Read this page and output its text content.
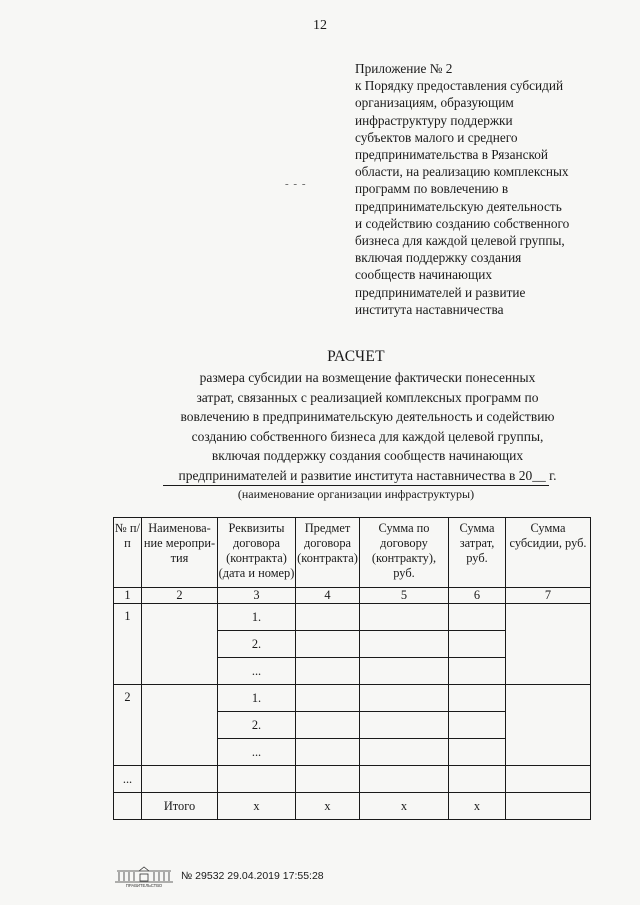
12
Приложение № 2
к Порядку предоставления субсидий
организациям, образующим
инфраструктуру поддержки
субъектов малого и среднего
предпринимательства в Рязанской
области, на реализацию комплексных
программ по вовлечению в
предпринимательскую деятельность
и содействию созданию собственного
бизнеса для каждой целевой группы,
включая поддержку создания
сообществ начинающих
предпринимателей и развитие
института наставничества
- - -
РАСЧЕТ
размера субсидии на возмещение фактически понесенных
затрат, связанных с реализацией комплексных программ по
вовлечению в предпринимательскую деятельность и содействию
созданию собственного бизнеса для каждой целевой группы,
включая поддержку создания сообществ начинающих
предпринимателей и развитие института наставничества в 20__ г.
(наименование организации инфраструктуры)
№ п/п	Наименова-ние меропри-тия	Реквизиты договора (контракта) (дата и номер)	Предмет договора (контракта)	Сумма по договору (контракту), руб.	Сумма затрат, руб.	Сумма субсидии, руб.
1	2	3	4	5	6	7
1		1.				
		2.				
		...				
2		1.				
		2.				
		...				
...						
	Итого	x	x	x	x	
ПРАВИТЕЛЬСТВО
№ 29532 29.04.2019 17:55:28
